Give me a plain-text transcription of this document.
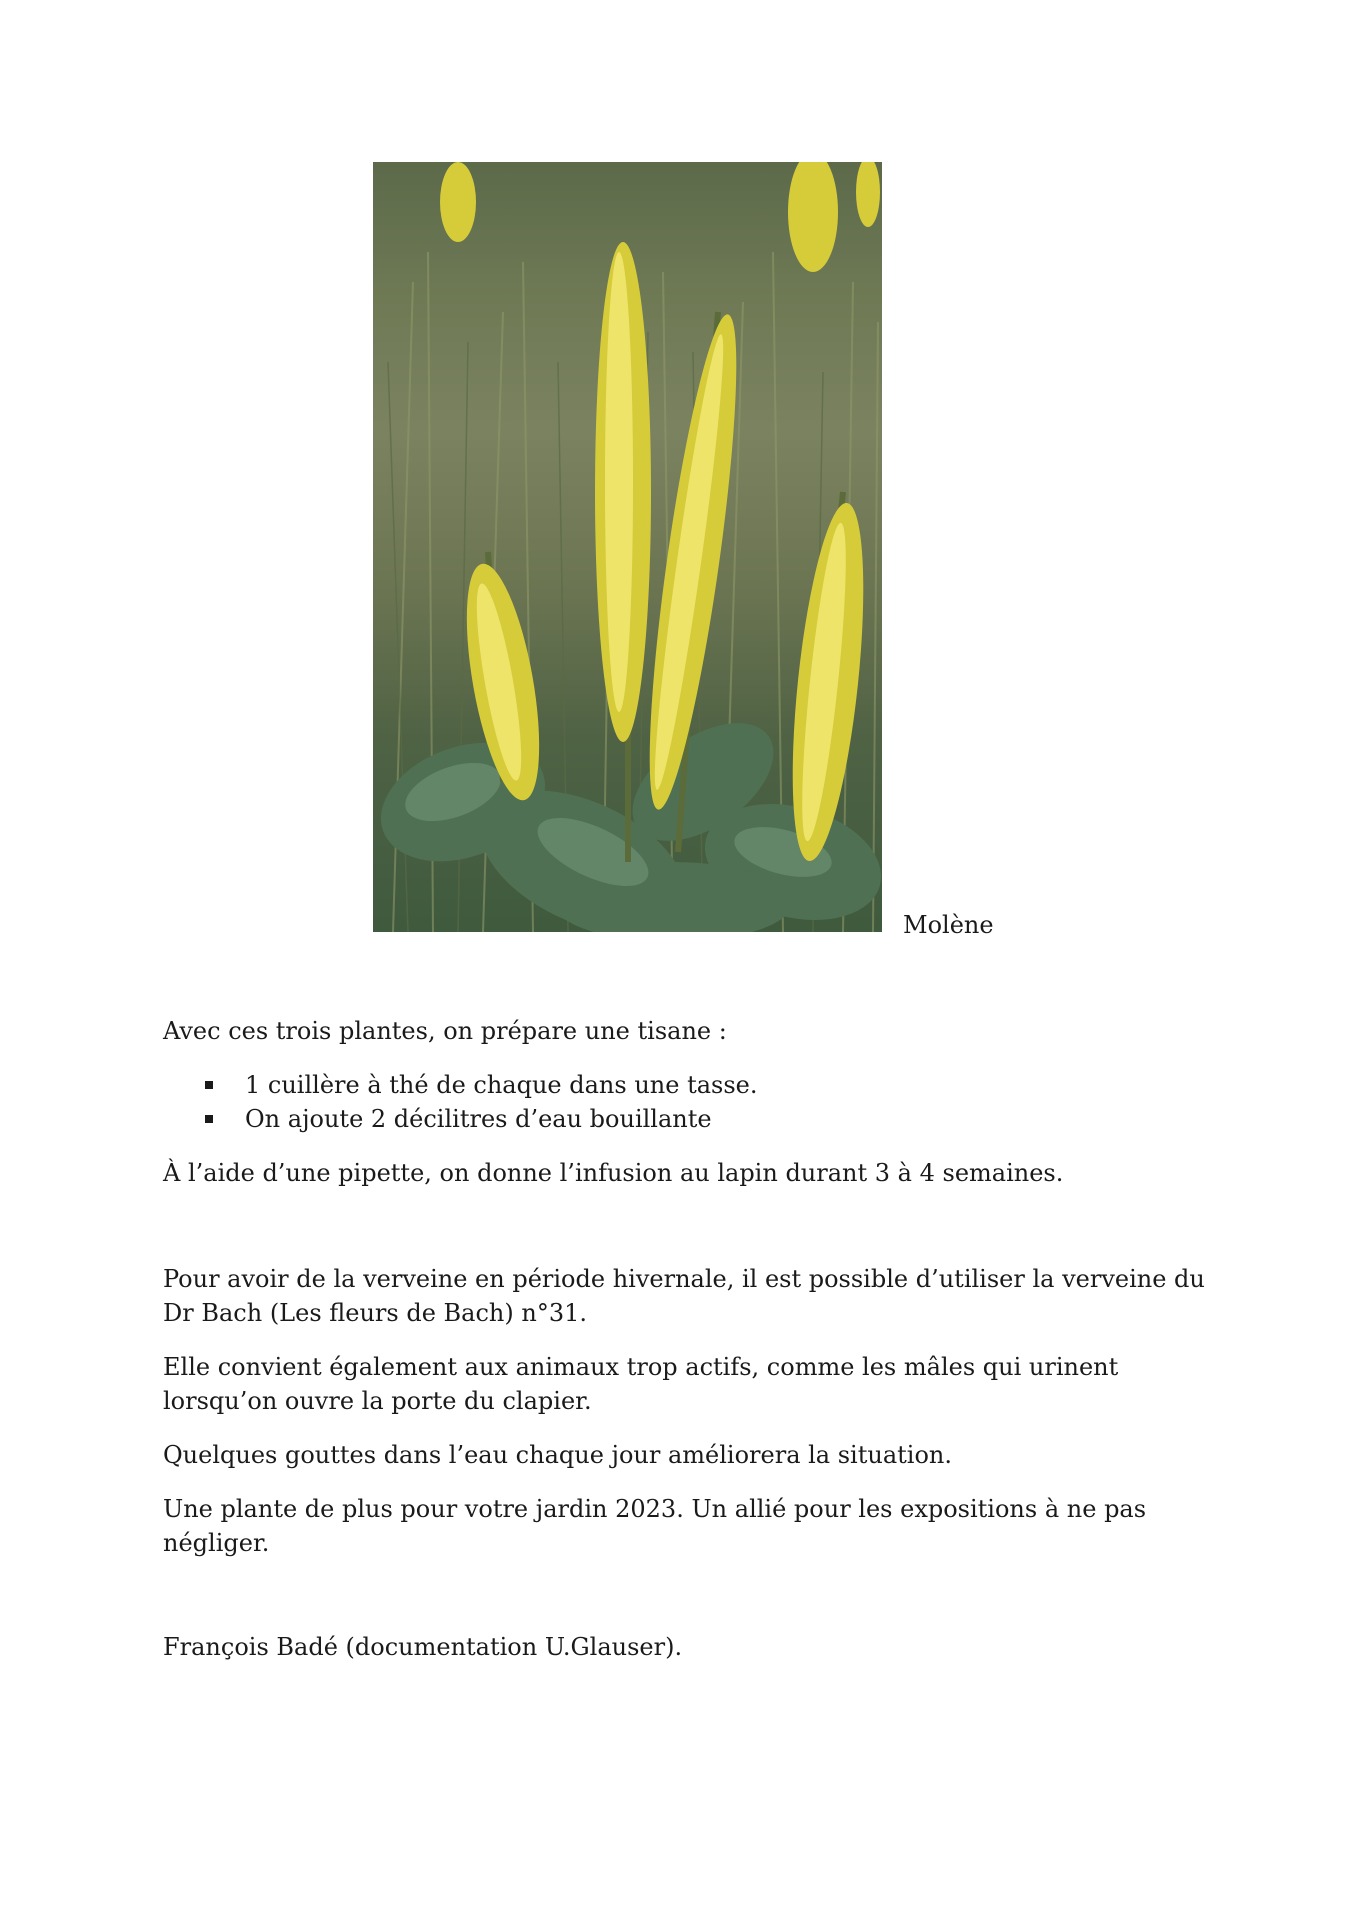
Molène

Avec ces trois plantes, on prépare une tisane :

1 cuillère à thé de chaque dans une tasse.
On ajoute 2 décilitres d’eau bouillante

À l’aide d’une pipette, on donne l’infusion au lapin durant 3 à 4 semaines.

Pour avoir de la verveine en période hivernale, il est possible d’utiliser la verveine du Dr Bach (Les fleurs de Bach) n°31.

Elle convient également aux animaux trop actifs, comme les mâles qui urinent lorsqu’on ouvre la porte du clapier.

Quelques gouttes dans l’eau chaque jour améliorera la situation.

Une plante de plus pour votre jardin 2023. Un allié pour les expositions à ne pas négliger.

François Badé (documentation U.Glauser).
